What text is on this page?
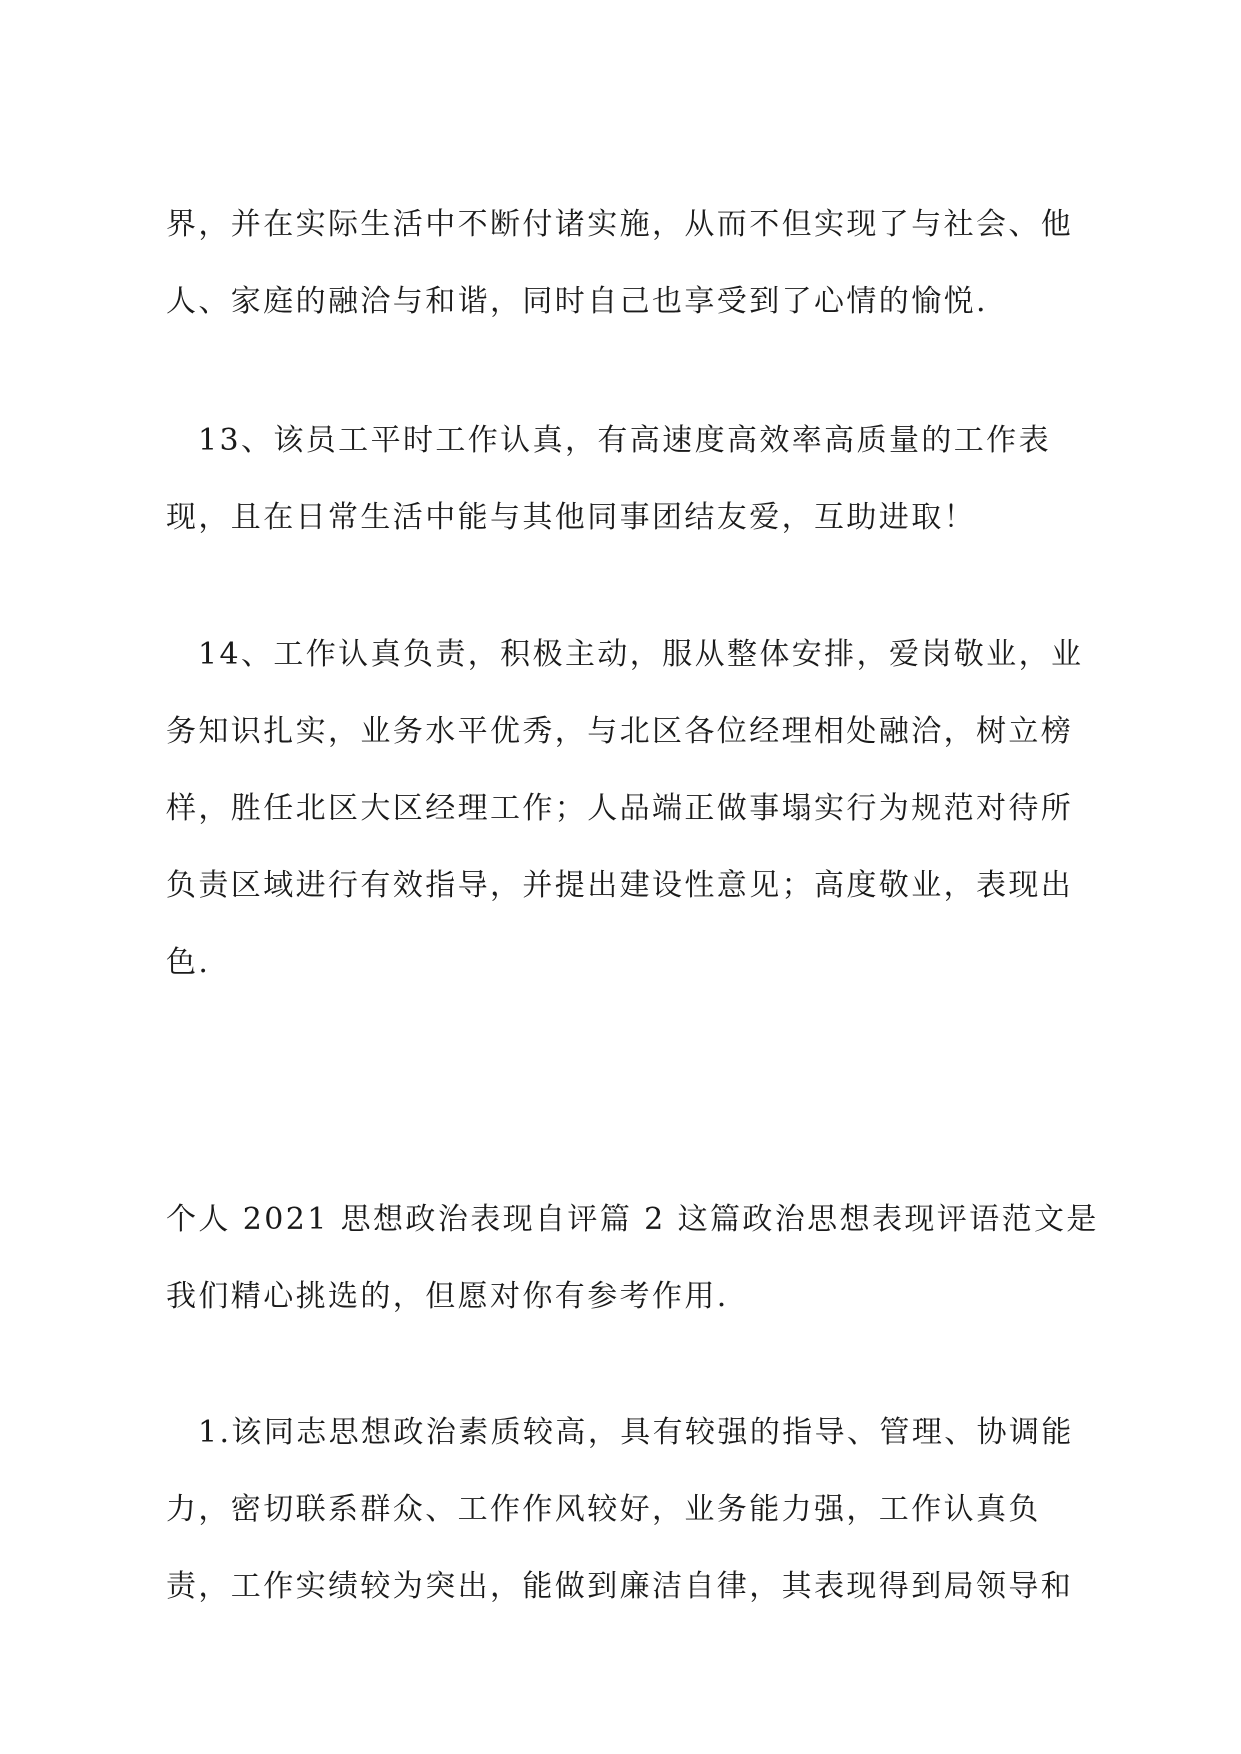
界，并在实际生活中不断付诸实施，从而不但实现了与社会、他
人、家庭的融洽与和谐，同时自己也享受到了心情的愉悦.
13、该员工平时工作认真，有高速度高效率高质量的工作表
现，且在日常生活中能与其他同事团结友爱，互助进取！
14、工作认真负责，积极主动，服从整体安排，爱岗敬业，业
务知识扎实，业务水平优秀，与北区各位经理相处融洽，树立榜
样，胜任北区大区经理工作；人品端正做事塌实行为规范对待所
负责区域进行有效指导，并提出建设性意见；高度敬业，表现出
色.
个人 2021 思想政治表现自评篇 2 这篇政治思想表现评语范文是
我们精心挑选的，但愿对你有参考作用.
1.该同志思想政治素质较高，具有较强的指导、管理、协调能
力，密切联系群众、工作作风较好，业务能力强，工作认真负
责，工作实绩较为突出，能做到廉洁自律，其表现得到局领导和
